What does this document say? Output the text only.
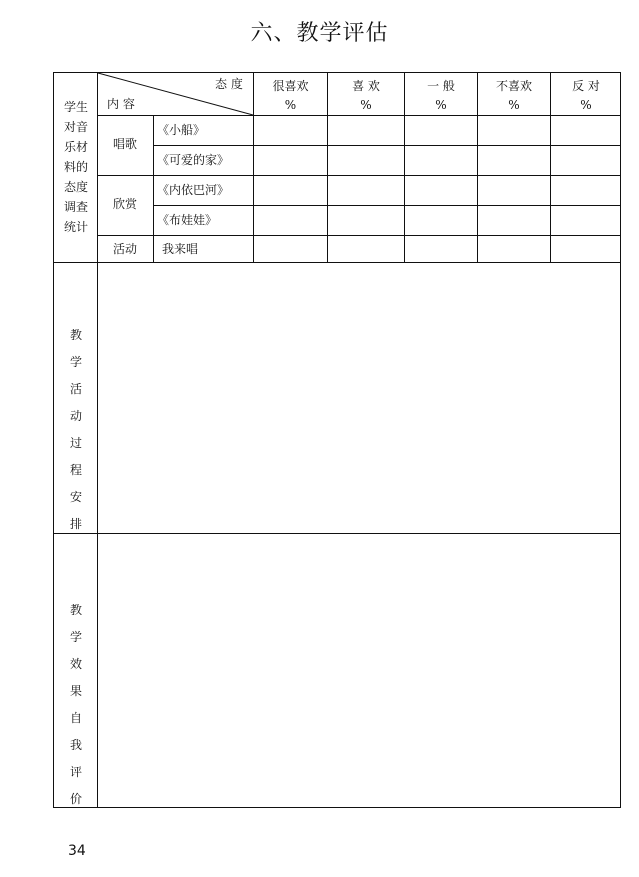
六、教学评估
学生
对音
乐材
料的
态度
调查
统计
态 度
内 容
很喜欢
%
喜 欢
%
一 般
%
不喜欢
%
反 对
%
唱歌
欣赏
活动
《小船》
《可爱的家》
《内依巴河》
《布娃娃》
我来唱
教学活动过程安排
教学效果自我评价
34
